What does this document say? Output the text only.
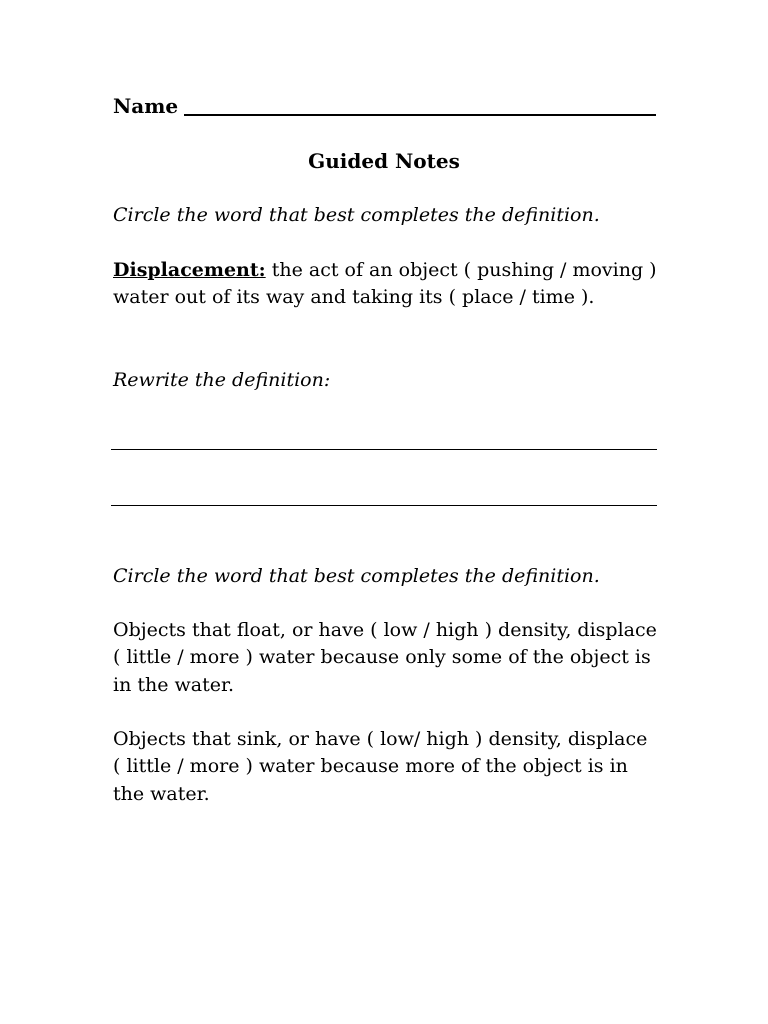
Name
Guided Notes
Circle the word that best completes the definition.
Displacement: the act of an object ( pushing / moving )
water out of its way and taking its ( place / time ).
Rewrite the definition:
Circle the word that best completes the definition.
Objects that float, or have ( low / high ) density, displace
( little / more ) water because only some of the object is
in the water.
Objects that sink, or have ( low/ high ) density, displace
( little / more ) water because more of the object is in
the water.
